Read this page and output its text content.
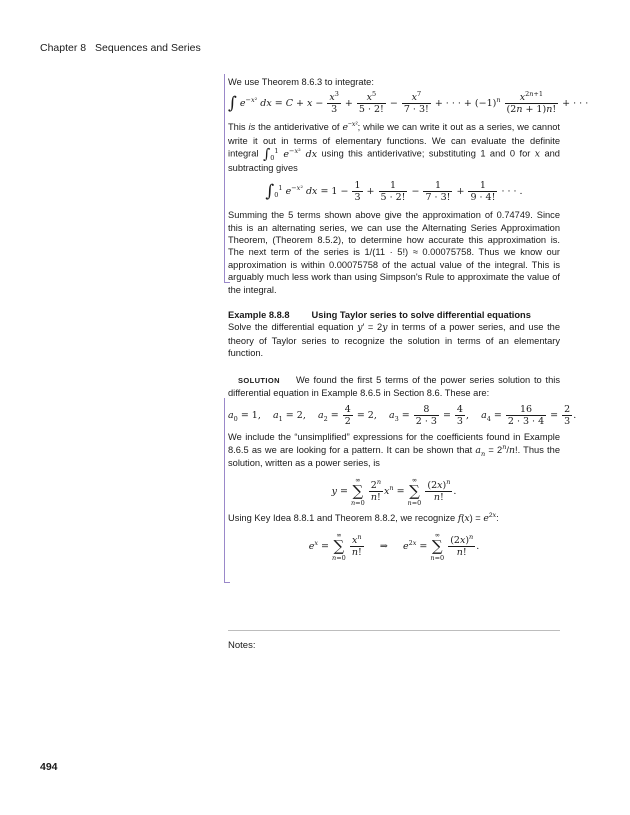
Chapter 8 Sequences and Series

We use Theorem 8.6.3 to integrate:

∫ $e^{-x^2}$ dx = $C + x - \frac{x^3}{3} + \frac{x^5}{5 \cdot 2!} - \frac{x^7}{7 \cdot 3!}$ + · · · + $(-1)^n \frac{x^{2n+1}}{(2n + 1)n!}$ + · · ·

This is the antiderivative of $e^{-x^2}$; while we can write it out as a series, we cannot write it out in terms of elementary functions. We can evaluate the definite integral $\int_0^1$ $e^{-x^2}$ dx using this antiderivative; substituting 1 and 0 for x and subtracting gives

$\int_0^1$ $e^{-x^2}$ dx = $1 - \frac{1}{3} + \frac{1}{5 \cdot 2!} - \frac{1}{7 \cdot 3!} + \frac{1}{9 \cdot 4!}$ · · · .

Summing the 5 terms shown above give the approximation of 0.74749. Since this is an alternating series, we can use the Alternating Series Approximation Theorem, (Theorem 8.5.2), to determine how accurate this approximation is. The next term of the series is 1/(11 · 5!) ≈ 0.00075758. Thus we know our approximation is within 0.00075758 of the actual value of the integral. This is arguably much less work than using Simpson's Rule to approximate the value of the integral.

Example 8.8.8 Using Taylor series to solve differential equations

Solve the differential equation y′ = 2y in terms of a power series, and use the theory of Taylor series to recognize the solution in terms of an elementary function.

SOLUTION We found the first 5 terms of the power series solution to this differential equation in Example 8.6.5 in Section 8.6. These are:

$a_0 = 1$,    $a_1 = 2$,    $a_2 = \frac{4}{2} = 2$,    $a_3 = \frac{8}{2 \cdot 3} = \frac{4}{3}$ ,    $a_4 = \frac{16}{2 \cdot 3 \cdot 4} = \frac{2}{3}$ .

We include the “unsimplified” expressions for the coefficients found in Example 8.6.5 as we are looking for a pattern. It can be shown that $a_n = 2^n/n$!. Thus the solution, written as a power series, is

y =
∞
∑
n=0
$\frac{2^n}{n!} x^n$ =
∞
∑
n=0
$\frac{(2x)^n}{n!}$ .

Using Key Idea 8.8.1 and Theorem 8.8.2, we recognize $f(x) = e^{2x}$:

$e^x$ =
∞
∑
n=0
$\frac{x^n}{n!}$ ⇒     $e^{2x}$ =
∞
∑
n=0
$\frac{(2x)^n}{n!}$ .
Notes:
494
